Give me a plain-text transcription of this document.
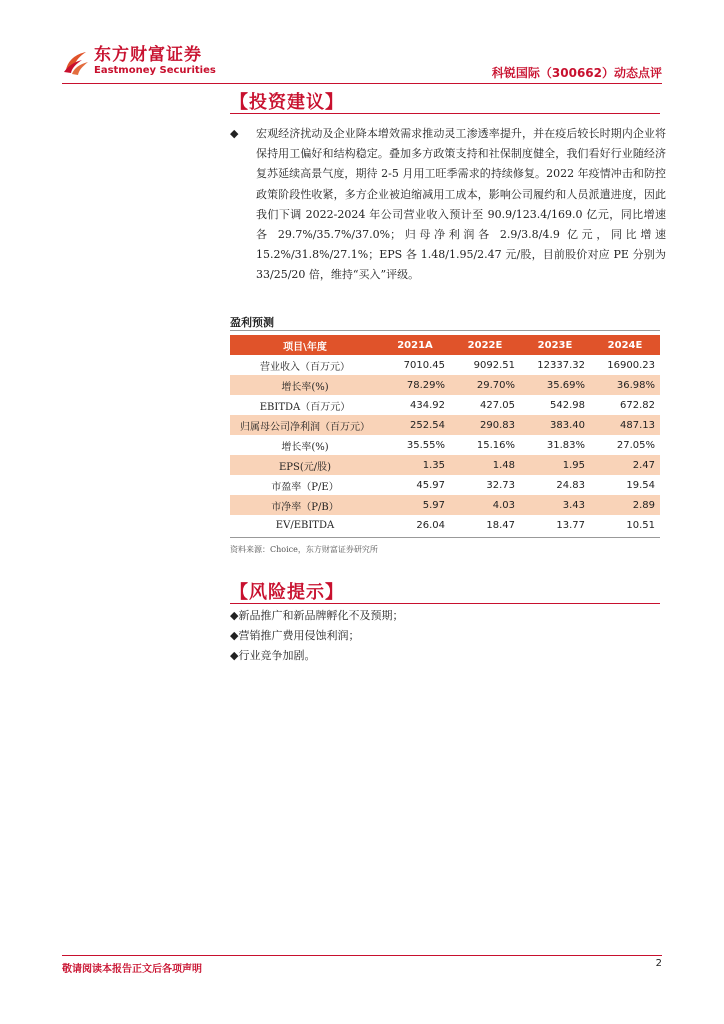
东方财富证券
Eastmoney Securities	科锐国际（300662）动态点评
【投资建议】
◆ 宏观经济扰动及企业降本增效需求推动灵工渗透率提升，并在疫后较长时期内企业将保持用工偏好和结构稳定。叠加多方政策支持和社保制度健全，我们看好行业随经济复苏延续高景气度，期待 2-5 月用工旺季需求的持续修复。2022 年疫情冲击和防控政策阶段性收紧，多方企业被迫缩减用工成本，影响公司履约和人员派遣进度，因此我们下调 2022-2024 年公司营业收入预计至 90.9/123.4/169.0 亿元，同比增速各 29.7%/35.7%/37.0%；归母净利润各 2.9/3.8/4.9 亿元，同比增速 15.2%/31.8%/27.1%；EPS 各 1.48/1.95/2.47 元/股，目前股价对应 PE 分别为 33/25/20 倍，维持“买入”评级。
盈利预测
项目\年度	2021A	2022E	2023E	2024E
营业收入（百万元）	7010.45	9092.51	12337.32	16900.23
增长率(%)	78.29%	29.70%	35.69%	36.98%
EBITDA（百万元）	434.92	427.05	542.98	672.82
归属母公司净利润（百万元）	252.54	290.83	383.40	487.13
增长率(%)	35.55%	15.16%	31.83%	27.05%
EPS(元/股)	1.35	1.48	1.95	2.47
市盈率（P/E）	45.97	32.73	24.83	19.54
市净率（P/B）	5.97	4.03	3.43	2.89
EV/EBITDA	26.04	18.47	13.77	10.51
资料来源：Choice，东方财富证券研究所
【风险提示】
◆新品推广和新品牌孵化不及预期；
◆营销推广费用侵蚀利润；
◆行业竞争加剧。
敬请阅读本报告正文后各项声明
2
